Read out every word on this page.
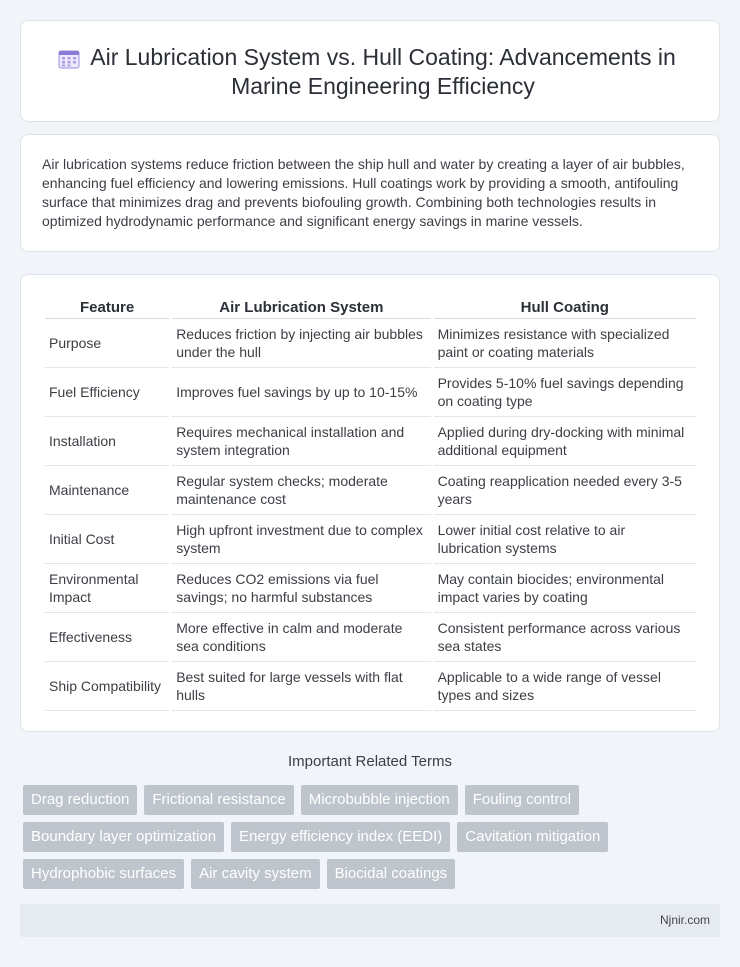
Air Lubrication System vs. Hull Coating: Advancements in Marine Engineering Efficiency

Air lubrication systems reduce friction between the ship hull and water by creating a layer of air bubbles, enhancing fuel efficiency and lowering emissions. Hull coatings work by providing a smooth, antifouling surface that minimizes drag and prevents biofouling growth. Combining both technologies results in optimized hydrodynamic performance and significant energy savings in marine vessels.

Feature	Air Lubrication System	Hull Coating
Purpose	Reduces friction by injecting air bubbles under the hull	Minimizes resistance with specialized paint or coating materials
Fuel Efficiency	Improves fuel savings by up to 10-15%	Provides 5-10% fuel savings depending on coating type
Installation	Requires mechanical installation and system integration	Applied during dry-docking with minimal additional equipment
Maintenance	Regular system checks; moderate maintenance cost	Coating reapplication needed every 3-5 years
Initial Cost	High upfront investment due to complex system	Lower initial cost relative to air lubrication systems
Environmental Impact	Reduces CO2 emissions via fuel savings; no harmful substances	May contain biocides; environmental impact varies by coating
Effectiveness	More effective in calm and moderate sea conditions	Consistent performance across various sea states
Ship Compatibility	Best suited for large vessels with flat hulls	Applicable to a wide range of vessel types and sizes
Important Related Terms
Drag reduction	Frictional resistance	Microbubble injection	Fouling control
Boundary layer optimization	Energy efficiency index (EEDI)	Cavitation mitigation
Hydrophobic surfaces	Air cavity system	Biocidal coatings
Njnir.com
